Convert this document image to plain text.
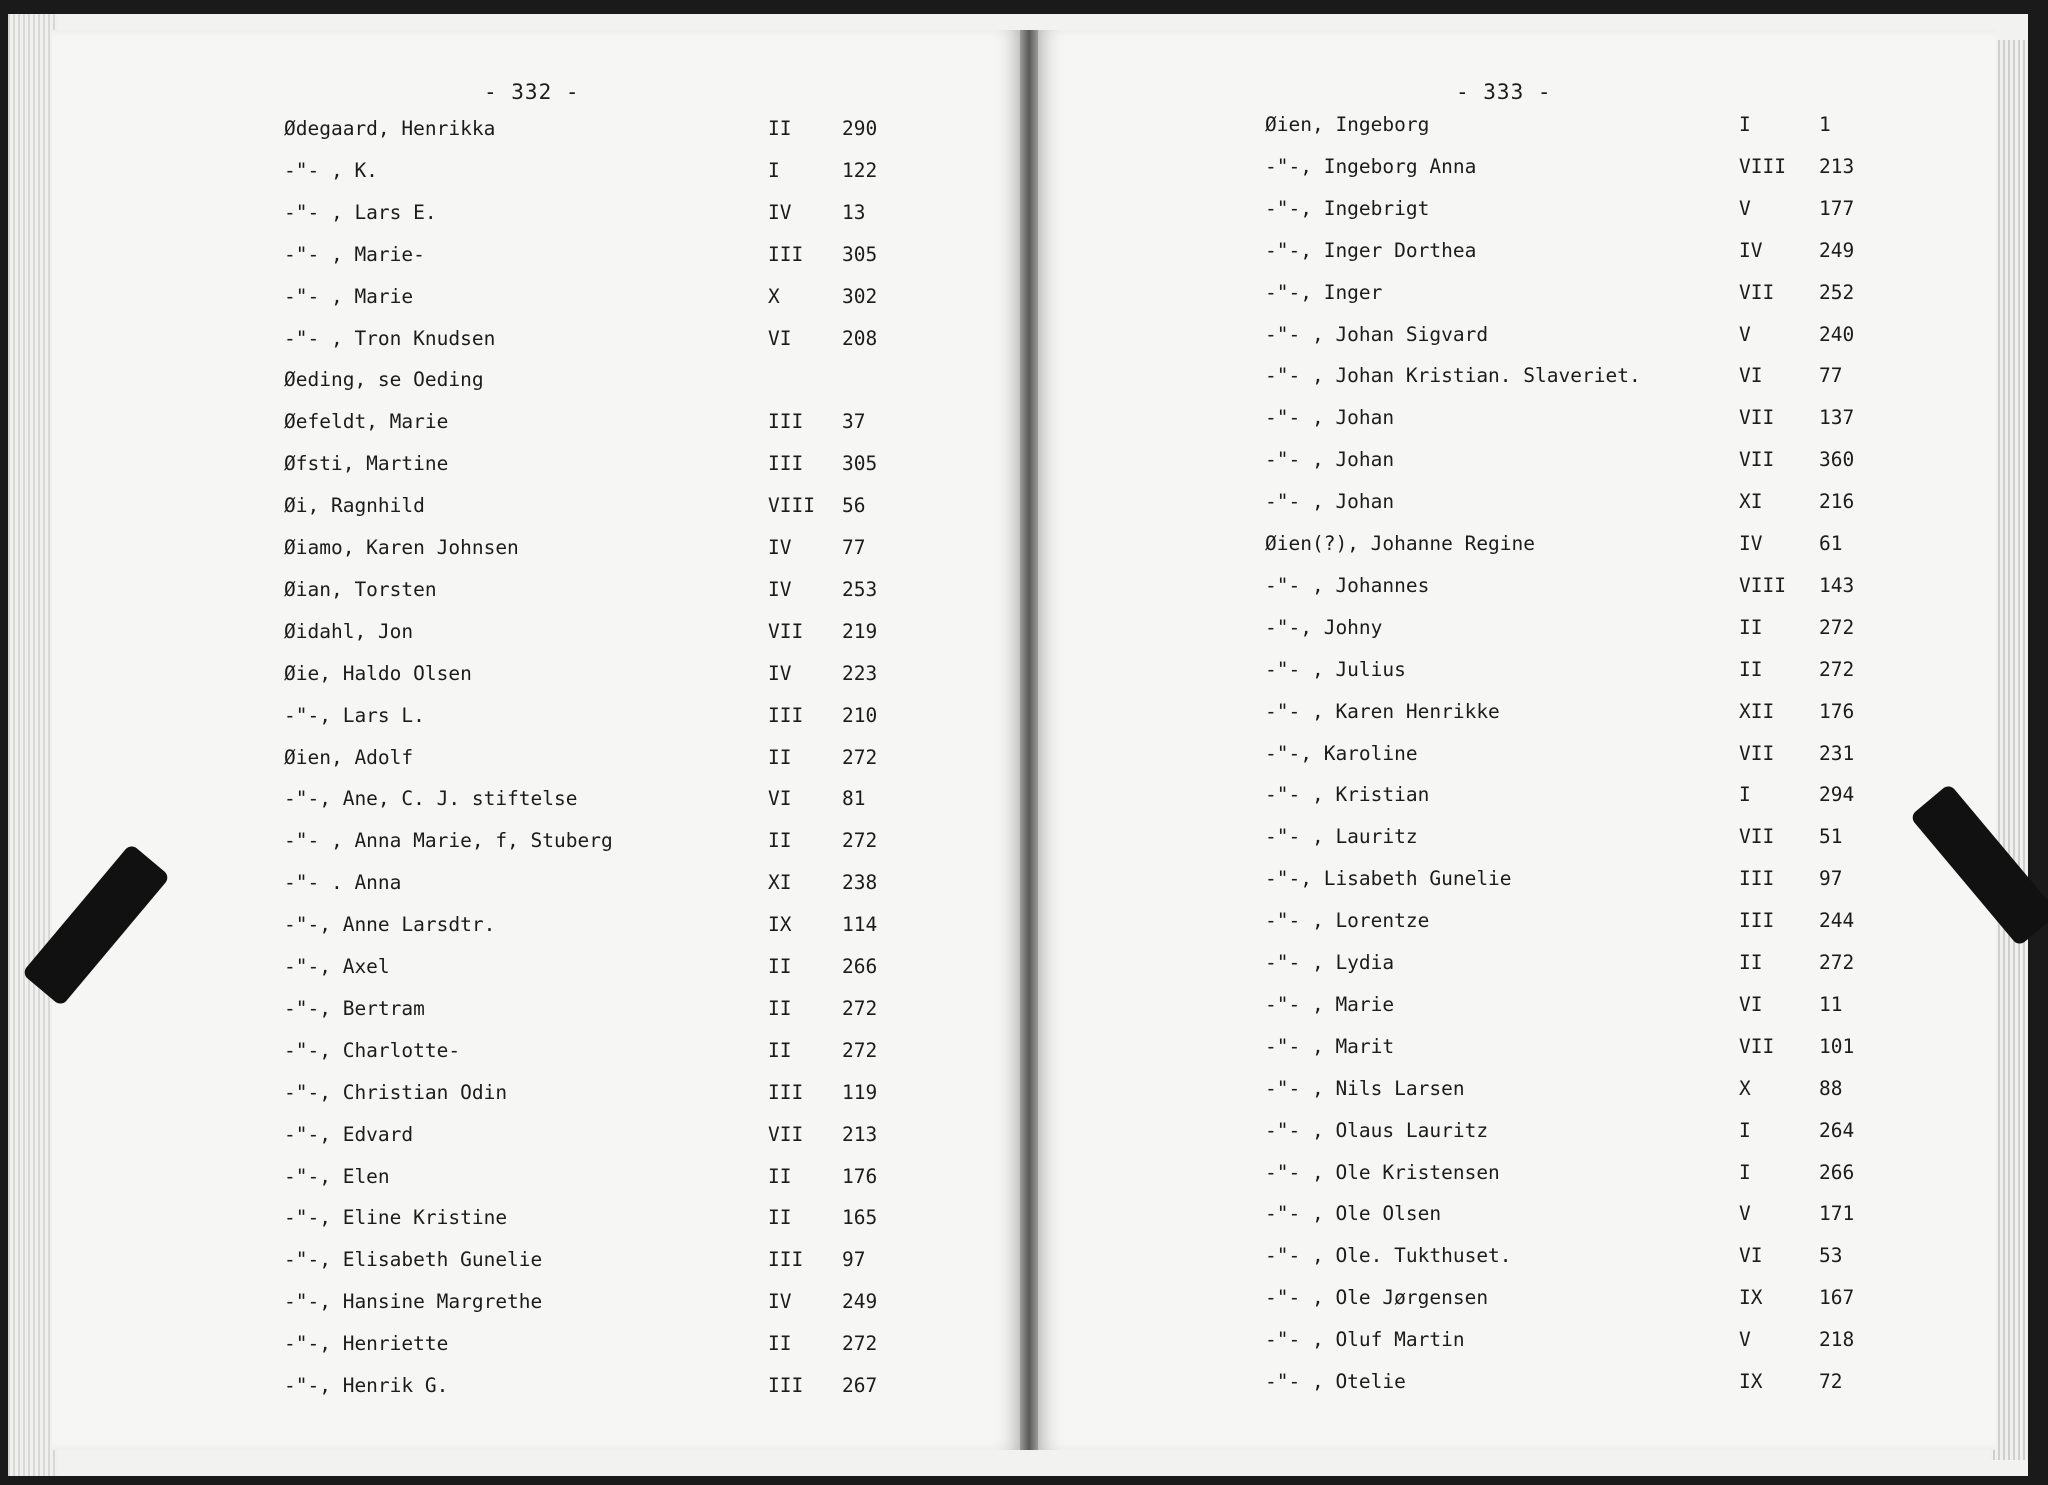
- 332 -
Ødegaard, Henrikka	II	290
-"- , K.	I	122
-"- , Lars E.	IV	13
-"- , Marie-	III 305
-"- , Marie	X	302
-"- , Tron Knudsen	VI	208
Øeding, se Oeding
Øefeldt, Marie	III 37
Øfsti, Martine	III 305
Øi, Ragnhild	VIII 56
Øiamo, Karen Johnsen	IV	77
Øian, Torsten	IV	253
Øidahl, Jon	VII 219
Øie, Haldo Olsen	IV	223
-"-, Lars L.	III 210
Øien, Adolf	II	272
-"-, Ane, C. J. stiftelse	VI	81
-"- , Anna Marie, f, Stuberg	II	272
-"- . Anna	XI	238
-"-, Anne Larsdtr.	IX	114
-"-, Axel	II	266
-"-, Bertram	II	272
-"-, Charlotte-	II	272
-"-, Christian Odin	III 119
-"-, Edvard	VII 213
-"-, Elen	II	176
-"-, Eline Kristine	II	165
-"-, Elisabeth Gunelie	III 97
-"-, Hansine Margrethe	IV	249
-"-, Henriette	II	272
-"-, Henrik G.	III 267
- 333 -
Øien, Ingeborg	I	1
-"-, Ingeborg Anna	VIII 213
-"-, Ingebrigt	V	177
-"-, Inger Dorthea	IV	249
-"-, Inger	VII 252
-"- , Johan Sigvard	V	240
-"- , Johan Kristian. Slaveriet.	VI	77
-"- , Johan	VII 137
-"- , Johan	VII 360
-"- , Johan	XI	216
Øien(?), Johanne Regine	IV	61
-"- , Johannes	VIII 143
-"-, Johny	II	272
-"- , Julius	II	272
-"- , Karen Henrikke	XII 176
-"-, Karoline	VII 231
-"- , Kristian	I	294
-"- , Lauritz	VII 51
-"-, Lisabeth Gunelie	III 97
-"- , Lorentze	III 244
-"- , Lydia	II	272
-"- , Marie	VI	11
-"- , Marit	VII 101
-"- , Nils Larsen	X	88
-"- , Olaus Lauritz	I	264
-"- , Ole Kristensen	I	266
-"- , Ole Olsen	V	171
-"- , Ole. Tukthuset.	VI	53
-"- , Ole Jørgensen	IX	167
-"- , Oluf Martin	V	218
-"- , Otelie	IX	72
